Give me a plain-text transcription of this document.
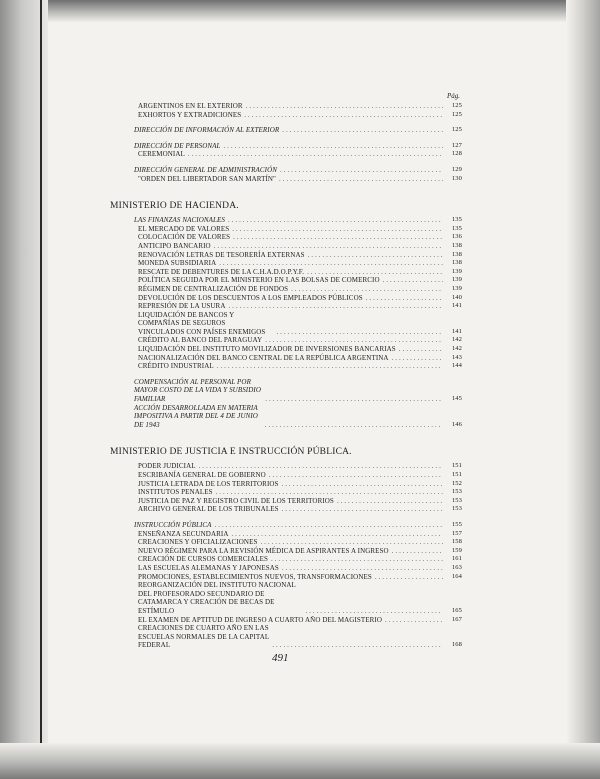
Pág.
ARGENTINOS EN EL EXTERIOR . . .	125
EXHORTOS Y EXTRADICIONES . . .	125
DIRECCIÓN DE INFORMACIÓN AL EXTERIOR . . .	125
DIRECCIÓN DE PERSONAL . . .	127
CEREMONIAL . . .	128
DIRECCIÓN GENERAL DE ADMINISTRACIÓN . . .	129
"ORDEN DEL LIBERTADOR SAN MARTÍN" . . .	130
MINISTERIO DE HACIENDA.
LAS FINANZAS NACIONALES . . .	135
EL MERCADO DE VALORES . . .	135
COLOCACIÓN DE VALORES . . .	136
ANTICIPO BANCARIO . . .	138
RENOVACIÓN LETRAS DE TESORERÍA EXTERNAS . . .	138
MONEDA SUBSIDIARIA . . .	138
RESCATE DE DEBENTURES DE LA C.H.A.D.O.P.Y.F. . . .	139
POLÍTICA SEGUIDA POR EL MINISTERIO EN LAS BOLSAS DE COMERCIO . . .	139
RÉGIMEN DE CENTRALIZACIÓN DE FONDOS . . .	139
DEVOLUCIÓN DE LOS DESCUENTOS A LOS EMPLEADOS PÚBLICOS . . .	140
REPRESIÓN DE LA USURA . . .	141
LIQUIDACIÓN DE BANCOS Y COMPAÑÍAS DE SEGUROS VINCULADOS CON PAÍSES ENEMIGOS . . .	141
CRÉDITO AL BANCO DEL PARAGUAY . . .	142
LIQUIDACIÓN DEL INSTITUTO MOVILIZADOR DE INVERSIONES BANCARIAS . . .	142
NACIONALIZACIÓN DEL BANCO CENTRAL DE LA REPÚBLICA ARGENTINA . . .	143
CRÉDITO INDUSTRIAL . . .	144
COMPENSACIÓN AL PERSONAL POR MAYOR COSTO DE LA VIDA Y SUBSIDIO FAMILIAR . . .	145
ACCIÓN DESARROLLADA EN MATERIA IMPOSITIVA A PARTIR DEL 4 DE JUNIO DE 1943 . . .	146
MINISTERIO DE JUSTICIA E INSTRUCCIÓN PÚBLICA.
PODER JUDICIAL . . .	151
ESCRIBANÍA GENERAL DE GOBIERNO . . .	151
JUSTICIA LETRADA DE LOS TERRITORIOS . . .	152
INSTITUTOS PENALES . . .	153
JUSTICIA DE PAZ Y REGISTRO CIVIL DE LOS TERRITORIOS . . .	153
ARCHIVO GENERAL DE LOS TRIBUNALES . . .	153
INSTRUCCIÓN PÚBLICA . . .	155
ENSEÑANZA SECUNDARIA . . .	157
CREACIONES Y OFICIALIZACIONES . . .	158
NUEVO RÉGIMEN PARA LA REVISIÓN MÉDICA DE ASPIRANTES A INGRESO . . .	159
CREACIÓN DE CURSOS COMERCIALES . . .	161
LAS ESCUELAS ALEMANAS Y JAPONESAS . . .	163
PROMOCIONES, ESTABLECIMIENTOS NUEVOS, TRANSFORMACIONES . . .	164
REORGANIZACIÓN DEL INSTITUTO NACIONAL DEL PROFESORADO SECUNDARIO DE CATAMARCA Y CREACIÓN DE BECAS DE ESTÍMULO . . .	165
EL EXAMEN DE APTITUD DE INGRESO A CUARTO AÑO DEL MAGISTERIO . . .	167
CREACIONES DE CUARTO AÑO EN LAS ESCUELAS NORMALES DE LA CAPITAL FEDERAL . . .	168
491
